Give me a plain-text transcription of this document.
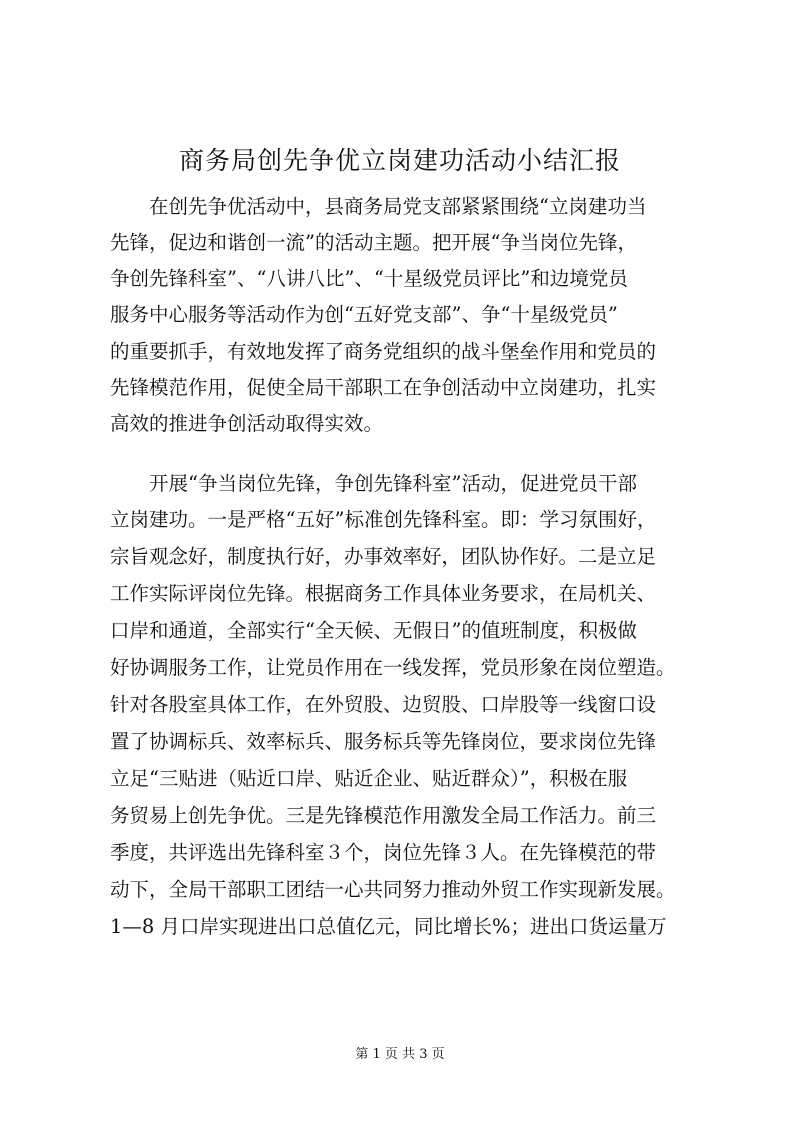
商务局创先争优立岗建功活动小结汇报
在创先争优活动中，县商务局党支部紧紧围绕“立岗建功当
先锋，促边和谐创一流”的活动主题。把开展“争当岗位先锋，
争创先锋科室”、“八讲八比”、“十星级党员评比”和边境党员
服务中心服务等活动作为创“五好党支部”、争“十星级党员”
的重要抓手，有效地发挥了商务党组织的战斗堡垒作用和党员的
先锋模范作用，促使全局干部职工在争创活动中立岗建功，扎实
高效的推进争创活动取得实效。
开展“争当岗位先锋，争创先锋科室”活动，促进党员干部
立岗建功。一是严格“五好”标准创先锋科室。即：学习氛围好，
宗旨观念好，制度执行好，办事效率好，团队协作好。二是立足
工作实际评岗位先锋。根据商务工作具体业务要求，在局机关、
口岸和通道，全部实行“全天候、无假日”的值班制度，积极做
好协调服务工作，让党员作用在一线发挥，党员形象在岗位塑造。
针对各股室具体工作，在外贸股、边贸股、口岸股等一线窗口设
置了协调标兵、效率标兵、服务标兵等先锋岗位，要求岗位先锋
立足“三贴进（贴近口岸、贴近企业、贴近群众）”，积极在服
务贸易上创先争优。三是先锋模范作用激发全局工作活力。前三
季度，共评选出先锋科室３个，岗位先锋３人。在先锋模范的带
动下，全局干部职工团结一心共同努力推动外贸工作实现新发展。
1—8 月口岸实现进出口总值亿元，同比增长%；进出口货运量万
第 1 页 共 3 页
